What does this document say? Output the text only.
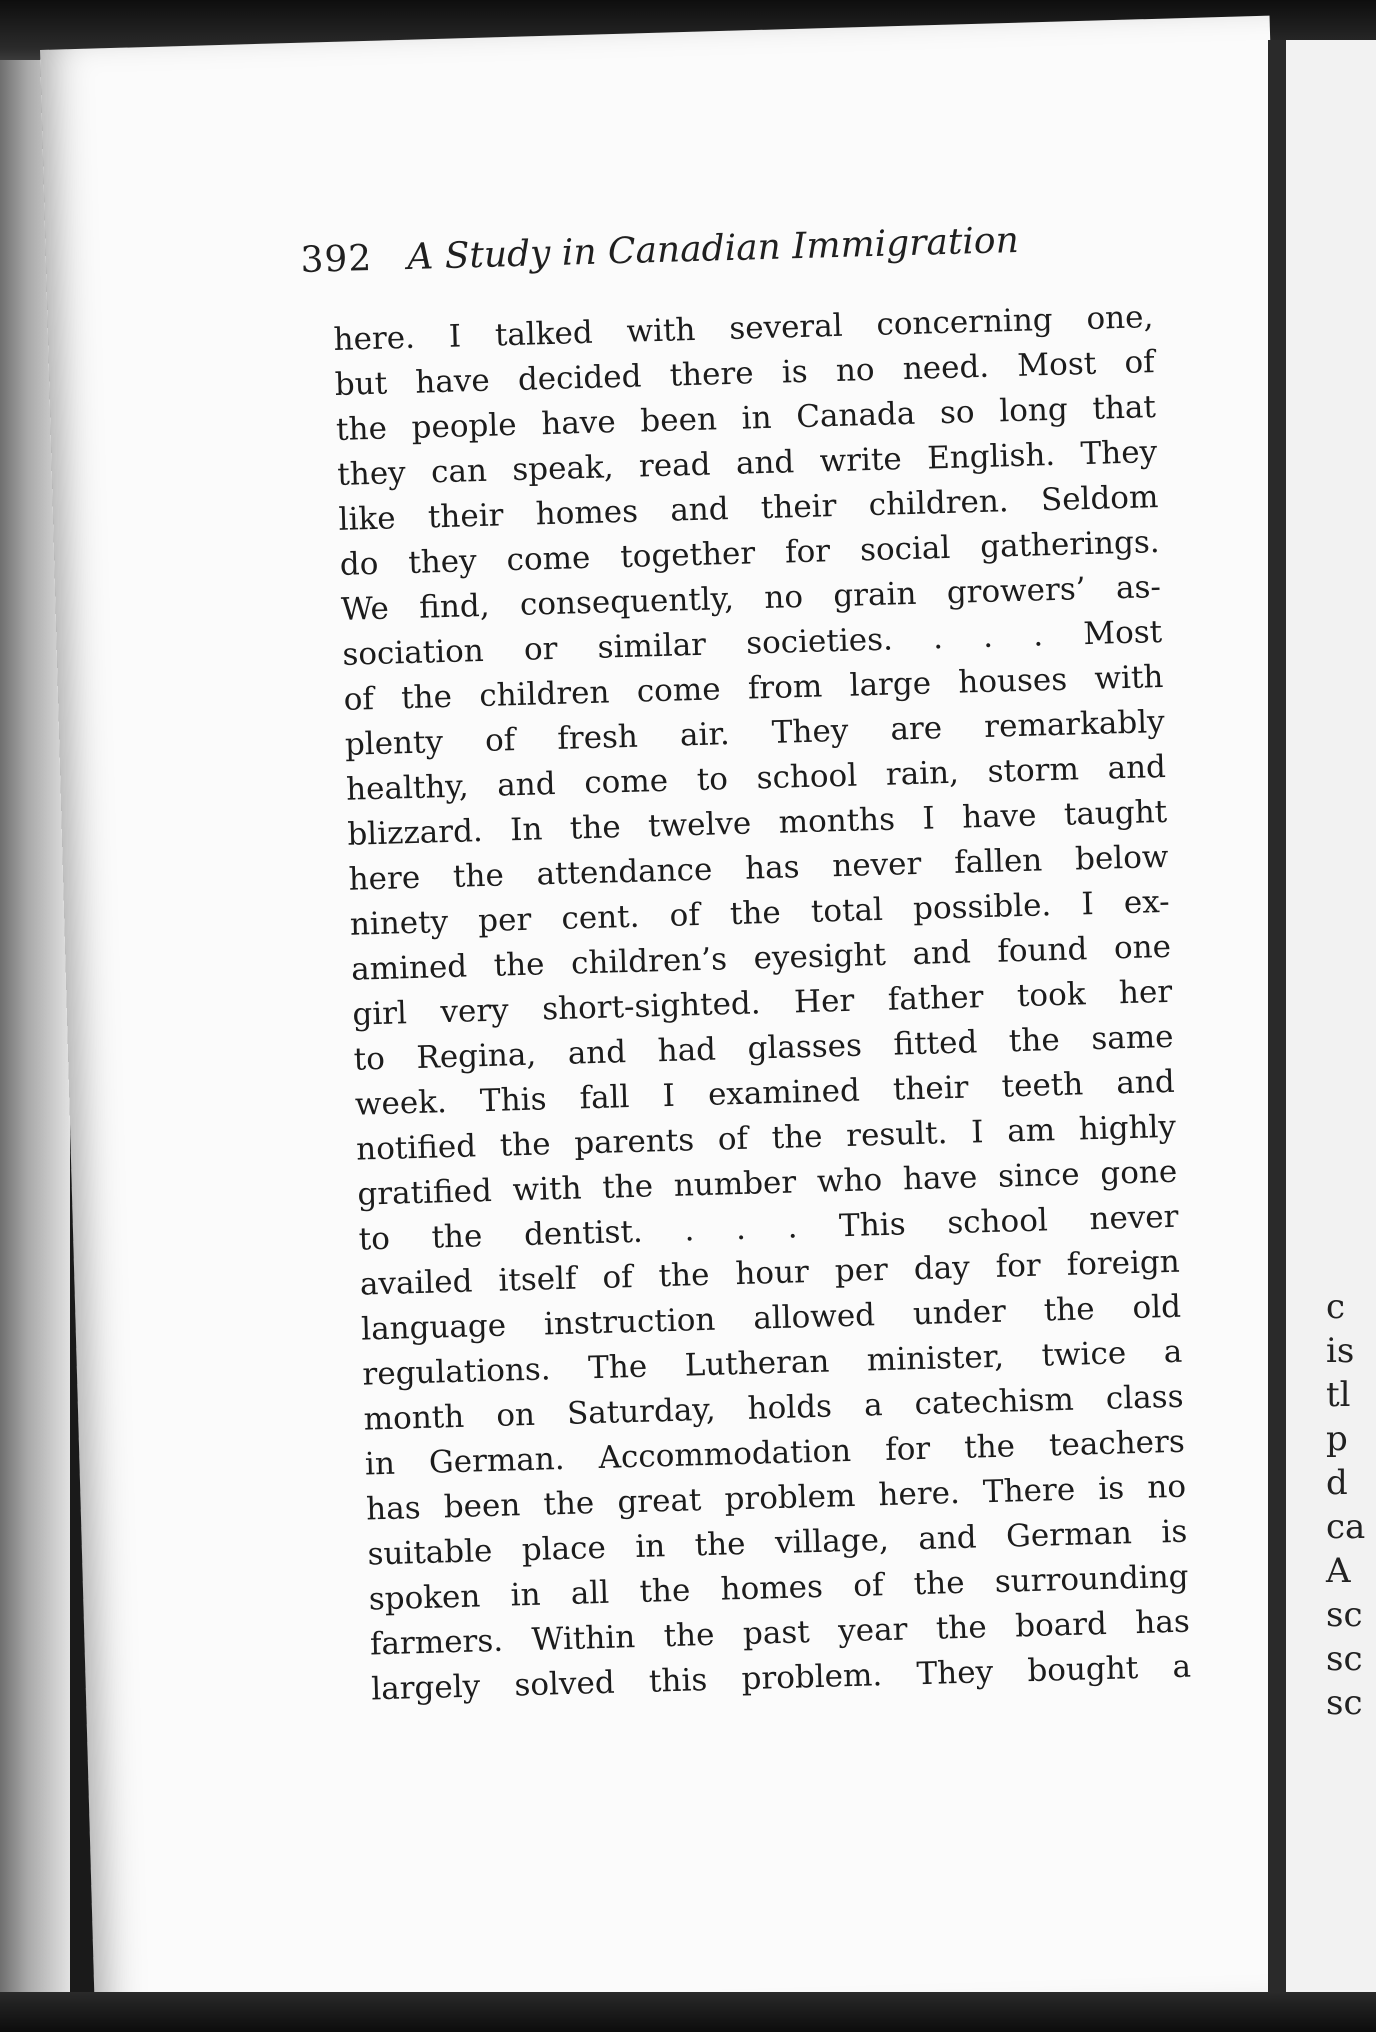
c
is
tl
p
d
ca
A
sc
sc
sc
392 A Study in Canadian Immigration
here. I talked with several concerning one,
but have decided there is no need. Most of
the people have been in Canada so long that
they can speak, read and write English. They
like their homes and their children. Seldom
do they come together for social gatherings.
We find, consequently, no grain growers’ as-
sociation or similar societies. . . . Most
of the children come from large houses with
plenty of fresh air. They are remarkably
healthy, and come to school rain, storm and
blizzard. In the twelve months I have taught
here the attendance has never fallen below
ninety per cent. of the total possible. I ex-
amined the children’s eyesight and found one
girl very short-sighted. Her father took her
to Regina, and had glasses fitted the same
week. This fall I examined their teeth and
notified the parents of the result. I am highly
gratified with the number who have since gone
to the dentist. . . . This school never
availed itself of the hour per day for foreign
language instruction allowed under the old
regulations. The Lutheran minister, twice a
month on Saturday, holds a catechism class
in German. Accommodation for the teachers
has been the great problem here. There is no
suitable place in the village, and German is
spoken in all the homes of the surrounding
farmers. Within the past year the board has
largely solved this problem. They bought a
